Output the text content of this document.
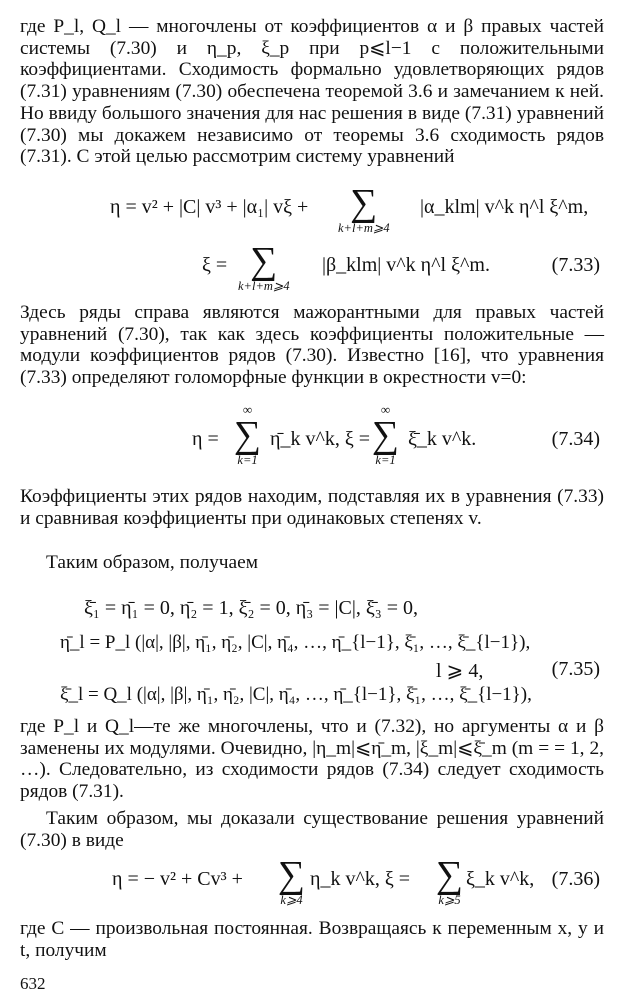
где P_l, Q_l — многочлены от коэффициентов α и β правых частей системы (7.30) и η_p, ξ_p при p⩽l−1 с положительными коэффициентами. Сходимость формально удовлетворяющих рядов (7.31) уравнениям (7.30) обеспечена теоремой 3.6 и замечанием к ней. Но ввиду большого значения для нас решения в виде (7.31) уравнений (7.30) мы докажем независимо от теоремы 3.6 сходимость рядов (7.31). С этой целью рассмотрим систему уравнений

η = v² + |C| v³ + |α₁| vξ +	∑
k+l+m⩾4
|α_klm| v^k η^l ξ^m,
ξ = ∑
k+l+m⩾4
|β_klm| v^k η^l ξ^m.	(7.33)

Здесь ряды справа являются мажорантными для правых частей уравнений (7.30), так как здесь коэффициенты положительные — модули коэффициентов рядов (7.30). Известно [16], что уравнения (7.33) определяют голоморфные функции в окрестности v=0:

η =
∞
∑
k=1
η̄_k v^k, ξ =
∞
∑
k=1
ξ̄_k v^k.	(7.34)

Коэффициенты этих рядов находим, подставляя их в уравнения (7.33) и сравнивая коэффициенты при одинаковых степенях v.

Таким образом, получаем

ξ̄₁ = η̄₁ = 0, η̄₂ = 1, ξ̄₂ = 0, η̄₃ = |C|, ξ̄₃ = 0,
η̄_l = P_l (|α|, |β|, η̄₁, η̄₂, |C|, η̄₄, …, η̄_{l−1}, ξ̄₁, …, ξ̄_{l−1}),
l ⩾ 4,	(7.35)
ξ̄_l = Q_l (|α|, |β|, η̄₁, η̄₂, |C|, η̄₄, …, η̄_{l−1}, ξ̄₁, …, ξ̄_{l−1}),

где P_l и Q_l—те же многочлены, что и (7.32), но аргументы α и β заменены их модулями. Очевидно, |η_m|⩽η̄_m, |ξ_m|⩽ξ̄_m (m = = 1, 2, …). Следовательно, из сходимости рядов (7.34) следует сходимость рядов (7.31).

Таким образом, мы доказали существование решения уравнений (7.30) в виде

η = − v² + Cv³ + ∑
k⩾4
η_k v^k, ξ = ∑
k⩾5
ξ_k v^k, (7.36)

где C — произвольная постоянная. Возвращаясь к переменным x, y и t, получим

632
